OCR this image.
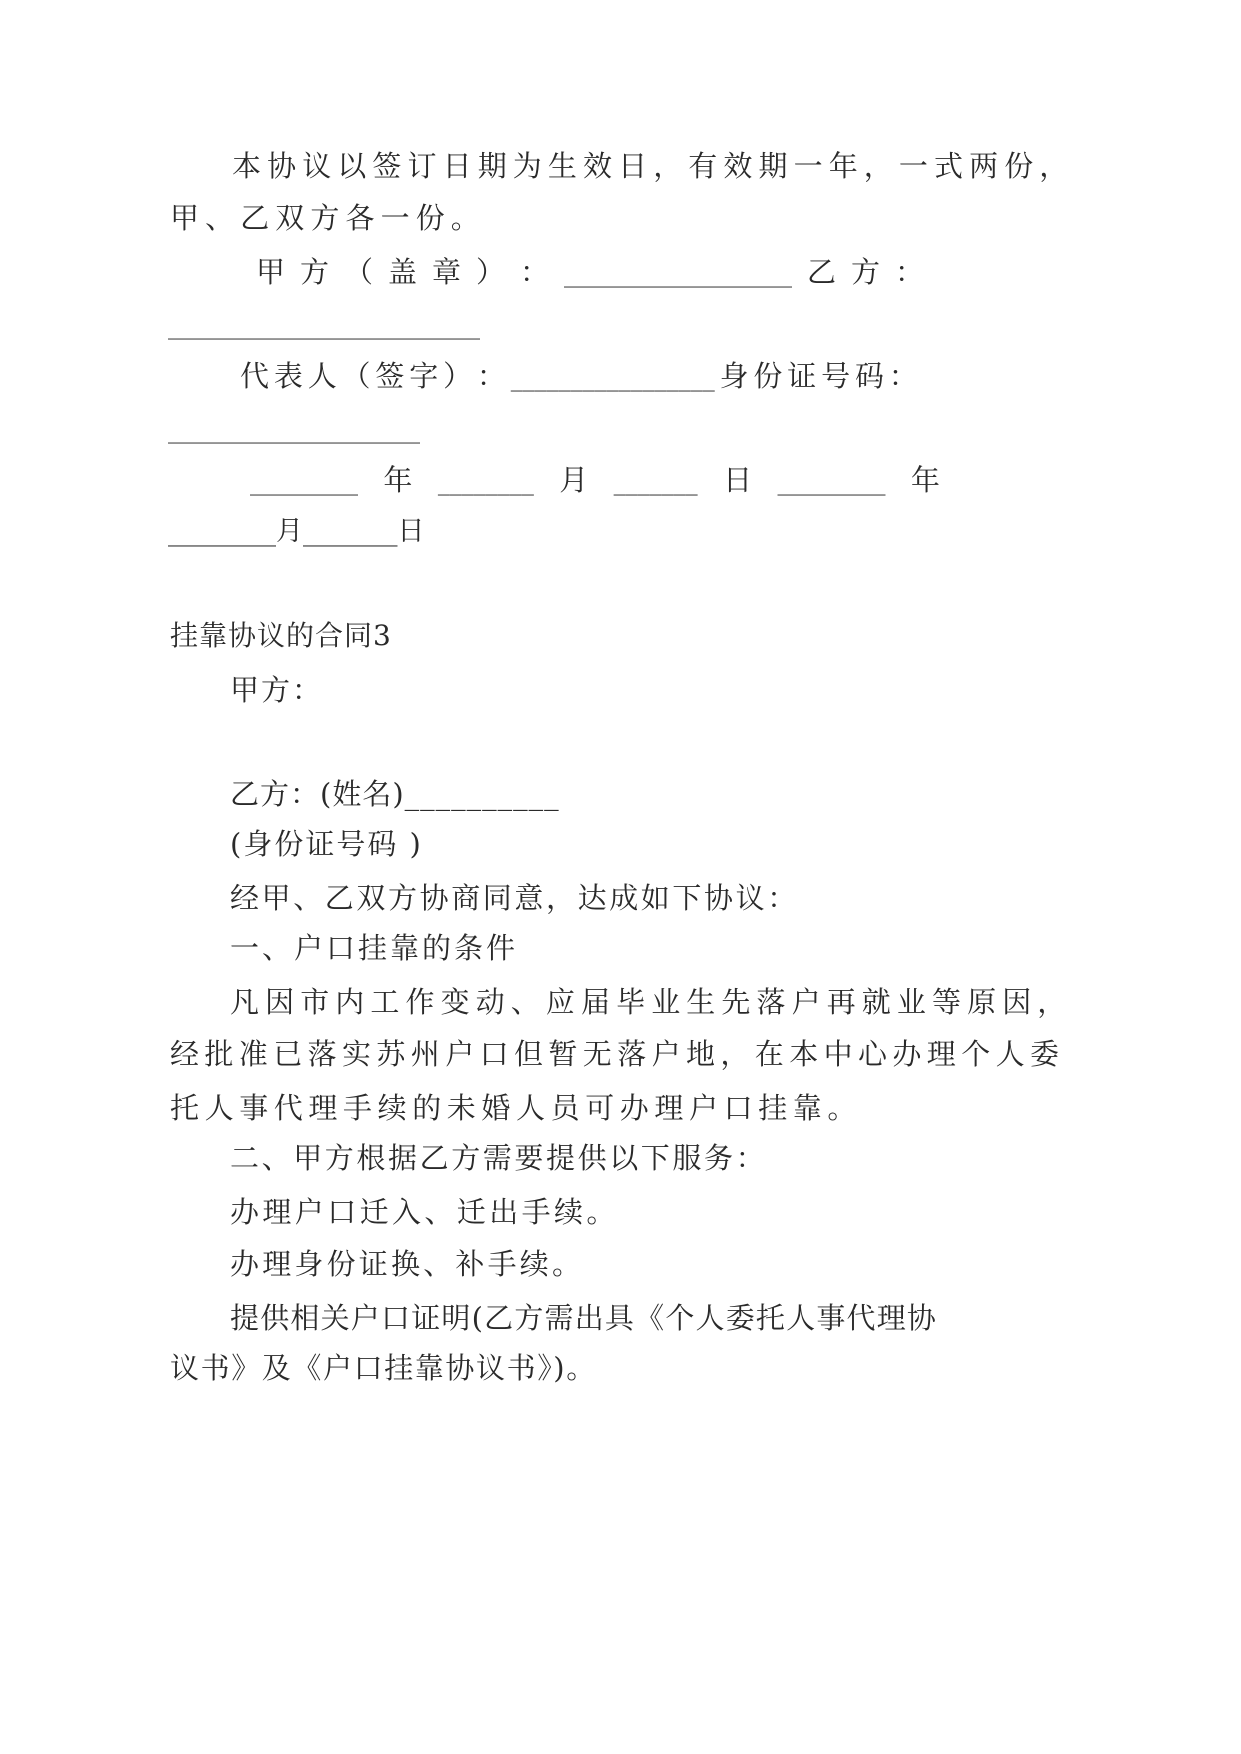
本协议以签订日期为生效日，有效期一年，一式两份，
甲、乙双方各一份。
甲 方 （ 盖 章 ） ： ___________________ 乙 方 ：
__________________________
代 表 人 （ 签 字 ） ： _________________ 身 份 证 号 码 ：
_____________________
_________ 年 ________ 月 _______ 日 _________ 年
________月_______日
挂靠协议的合同3
甲方：
乙方：(姓名)__________
(身份证号码 )
经甲、乙双方协商同意，达成如下协议：
一、户口挂靠的条件
凡因市内工作变动、应届毕业生先落户再就业等原因，
经批准已落实苏州户口但暂无落户地，在本中心办理个人委
托人事代理手续的未婚人员可办理户口挂靠。
二、甲方根据乙方需要提供以下服务：
办理户口迁入、迁出手续。
办理身份证换、补手续。
提供相关户口证明(乙方需出具《个人委托人事代理协
议书》及《户口挂靠协议书》)。
